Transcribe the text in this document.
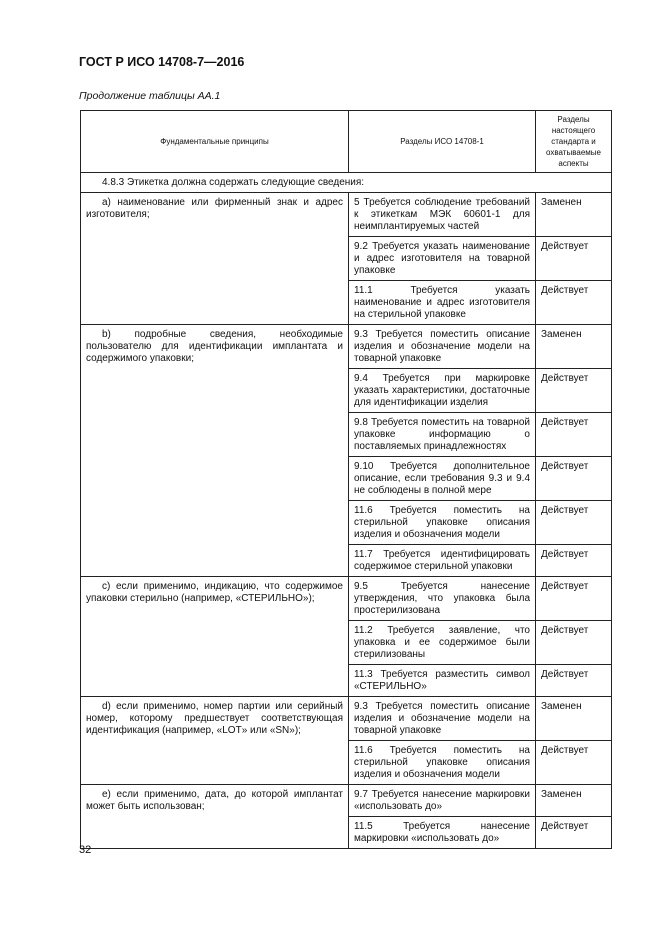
ГОСТ Р ИСО 14708-7—2016
Продолжение таблицы АА.1
Фундаментальные принципы	Разделы ИСО 14708-1	Разделы настоящего стандарта и охватываемые аспекты
4.8.3 Этикетка должна содержать следующие сведения:		
а) наименование или фирменный знак и адрес изготовителя;	5 Требуется соблюдение требований к этикеткам МЭК 60601-1 для неимплантируемых частей	Заменен
	9.2 Требуется указать наименование и адрес изготовителя на товарной упаковке	Действует
	11.1 Требуется указать наименование и адрес изготовителя на стерильной упаковке	Действует
b) подробные сведения, необходимые пользователю для идентификации имплантата и содержимого упаковки;	9.3 Требуется поместить описание изделия и обозначение модели на товарной упаковке	Заменен
	9.4 Требуется при маркировке указать характеристики, достаточные для идентификации изделия	Действует
	9.8 Требуется поместить на товарной упаковке информацию о поставляемых принадлежностях	Действует
	9.10 Требуется дополнительное описание, если требования 9.3 и 9.4 не соблюдены в полной мере	Действует
	11.6 Требуется поместить на стерильной упаковке описания изделия и обозначения модели	Действует
	11.7 Требуется идентифицировать содержимое стерильной упаковки	Действует
c) если применимо, индикацию, что содержимое упаковки стерильно (например, «СТЕРИЛЬНО»);	9.5 Требуется нанесение утверждения, что упаковка была простерилизована	Действует
	11.2 Требуется заявление, что упаковка и ее содержимое были стерилизованы	Действует
	11.3 Требуется разместить символ «СТЕРИЛЬНО»	Действует
d) если применимо, номер партии или серийный номер, которому предшествует соответствующая идентификация (например, «LOT» или «SN»);	9.3 Требуется поместить описание изделия и обозначение модели на товарной упаковке	Заменен
	11.6 Требуется поместить на стерильной упаковке описания изделия и обозначения модели	Действует
е) если применимо, дата, до которой имплантат может быть использован;	9.7 Требуется нанесение маркировки «использовать до»	Заменен
	11.5 Требуется нанесение маркировки «использовать до»	Действует
32
